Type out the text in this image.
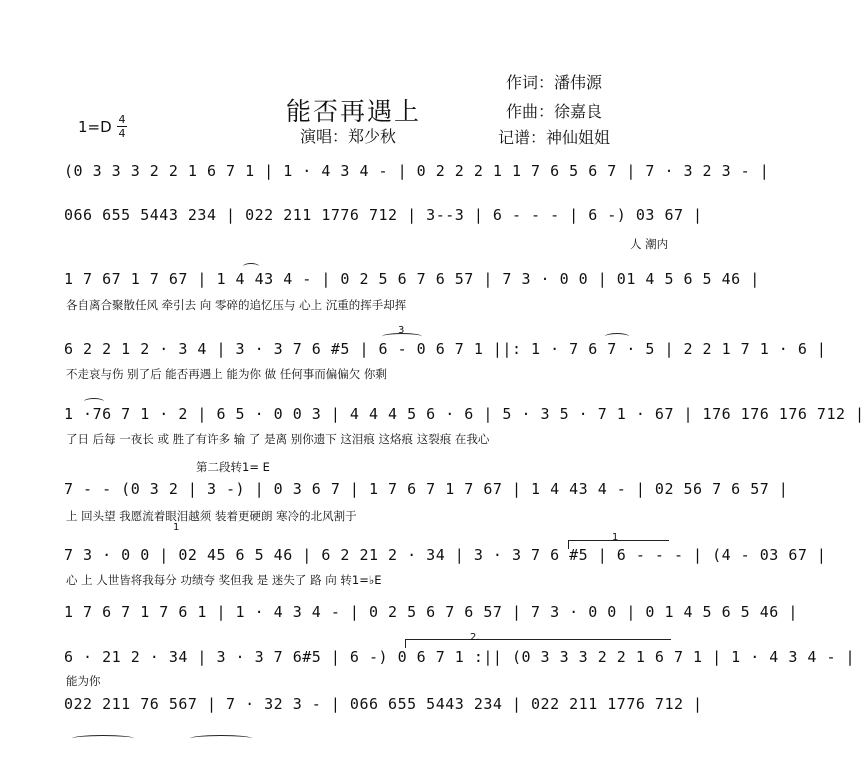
能否再遇上
作词：潘伟源
作曲：徐嘉良
演唱：郑少秋	记谱：神仙姐姐
1=D 4
4
(0 3 3 3 2 2 1 6 7 1 | 1 · 4 3 4 - | 0 2 2 2 1 1 7 6 5 6 7 | 7 · 3 2 3 - |
066 655 5443 234 | 022 211 1776 712 | 3--3 | 6 - - - | 6 -) 03 67 |
人 潮内
1 7 67 1 7 67 | 1 4 43 4 - | 0 2 5 6 7 6 57 | 7 3 · 0 0 | 01 4 5 6 5 46 |
各自离合聚散任风 牵引去 向 零碎的追忆压与 心上 沉重的挥手却挥
6 2 2 1 2 · 3 4 | 3 · 3 7 6 #5 | 6 - 0 6 7 1 ||: 1 · 7 6 7 · 5 | 2 2 1 7 1 · 6 |
不走哀与伤 别了后 能否再遇上 能为你 做 任何事而偏偏欠 你剩
3
1 ·76 7 1 · 2 | 6 5 · 0 0 3 | 4 4 4 5 6 · 6 | 5 · 3 5 · 7 1 · 67 | 176 176 176 712 |
了日 后每 一夜长 或 胜了有许多 输 了 是离 别你遗下 这泪痕 这烙痕 这裂痕 在我心
第二段转1= E
7 - - (0 3 2 | 3 -) | 0 3 6 7 | 1 7 6 7 1 7 67 | 1 4 43 4 - | 02 56 7 6 57 |
上 回头望 我愿流着眼泪越须 装着更硬朗 寒冷的北风割于
1
7 3 · 0 0 | 02 45 6 5 46 | 6 2 21 2 · 34 | 3 · 3 7 6 #5 | 6 - - - | (4 - 03 67 |
心 上 人世皆将我每分 功绩夸 奖但我 是 迷失了 路 向 转1=♭E
1
1 7 6 7 1 7 6 1 | 1 · 4 3 4 - | 0 2 5 6 7 6 57 | 7 3 · 0 0 | 0 1 4 5 6 5 46 |
6 · 21 2 · 34 | 3 · 3 7 6#5 | 6 -) 0 6 7 1 :|| (0 3 3 3 2 2 1 6 7 1 | 1 · 4 3 4 - |
能为你
2.
022 211 76 567 | 7 · 32 3 - | 066 655 5443 234 | 022 211 1776 712 |
